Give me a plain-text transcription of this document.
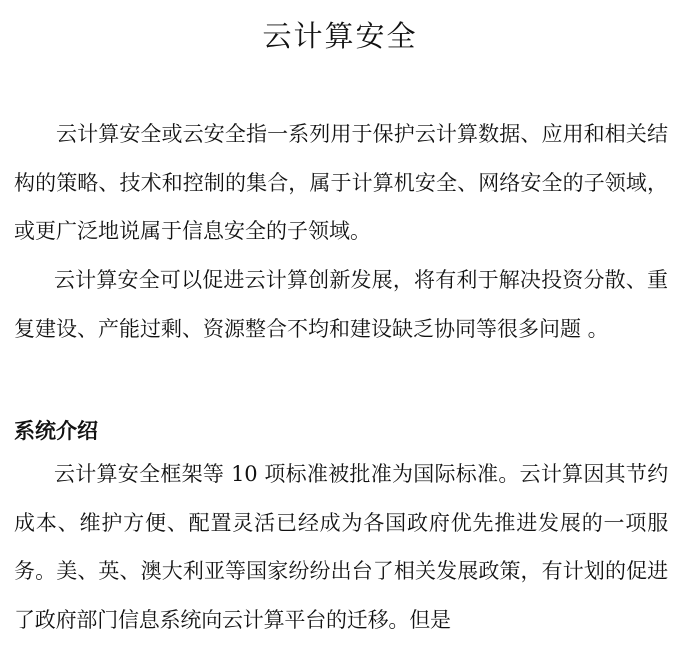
云计算安全

云计算安全或云安全指一系列用于保护云计算数据、应用和相关结构的策略、技术和控制的集合，属于计算机安全、网络安全的子领域，或更广泛地说属于信息安全的子领域。

云计算安全可以促进云计算创新发展，将有利于解决投资分散、重复建设、产能过剩、资源整合不均和建设缺乏协同等很多问题 。

系统介绍

云计算安全框架等 10 项标准被批准为国际标准。云计算因其节约成本、维护方便、配置灵活已经成为各国政府优先推进发展的一项服务。美、英、澳大利亚等国家纷纷出台了相关发展政策，有计划的促进了政府部门信息系统向云计算平台的迁移。但是
